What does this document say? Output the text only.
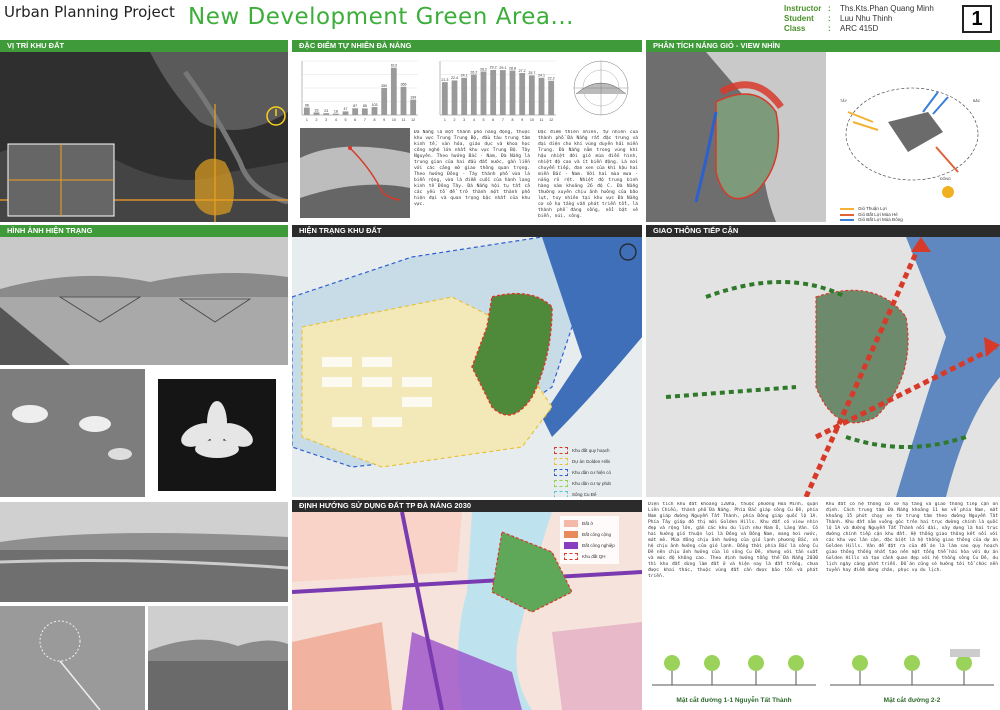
Urban Planning Project New Development Green Area...	Instructor : Ths.Kts.Phan Quang Minh
Student : Luu Nhu Thinh
Class	: ARC 415D	1
VỊ TRÍ KHU ĐẤT
HÌNH ẢNH HIỆN TRẠNG
ĐẶC ĐIỂM TỰ NHIÊN ĐÀ NẴNG
96
1
33
2
23
3
18
4
47
5
87
6
85
7
103
8
350
9
613
10
366
11
199
12
21.3
1
22.4
2
24.1
3
26.2
4
28.2
5
29.2
6
29.1
7
28.8
8
27.2
9
25.7
10
24.1
11
22.2
12
Đà Nẵng là một thành phố năng động, thuộc khu vực Trung Trung Bộ, đầu tàu trung tâm kinh tế, văn hóa, giáo dục và khoa học công nghệ lớn nhất khu vực Trung Bộ. Tây Nguyên. Theo hướng Bắc - Nam, Đà Nẵng là trung gian của hai đầu đất nước, gần liền với các cảng mở giao thông quan trọng. Theo hướng Đông - Tây thành phố vừa là biển rộng, vừa là điểm cuối của hành lang kinh tế Đông Tây. Đà Nẵng hội tụ tất cả các yếu tố để trở thành một thành phố hiện đại và quan trọng bậc nhất của khu vực.
Đặc điểm thiên nhiên, tự nhiên của thành phố Đà Nẵng rất đặc trưng và đại diện cho khí vùng duyên hải miền Trung. Đà Nẵng nằm trong vùng khí hậu nhiệt đới gió mùa điển hình, nhiệt độ cao và ít biến động. Là nơi chuyển tiếp, đan xen của khí hậu hai miền Bắc - Nam. Với hai mùa mưa - nắng rõ rệt. Nhiệt độ trung bình hàng năm khoảng 26 độ C. Đà Nẵng thường xuyên chịu ảnh hưởng của bão lụt, tuy nhiên tại khu vực Đà Nẵng cơ sở hạ tầng vẫn phát triển tốt, là thành phố đáng sống, nổi bật về biển, núi, sông.
HIỆN TRẠNG KHU ĐẤT
Khu đất quy hoạch
Dự án Golden Hills
Khu dân cư hiện có
Khu dân cư tự phát
Sông Cu Đê
ĐỊNH HƯỚNG SỬ DỤNG ĐẤT TP ĐÀ NẴNG 2030
Đất ở
Đất công cộng
Đất công nghiệp
Khu đất QH
PHÂN TÍCH NẮNG GIÓ - VIEW NHÌN
TÂY	BẮC
ĐÔNG
Gió Thuận Lợi
Gió Bất Lợi Mùa Hè
Gió Bất Lợi Mùa Đông
GIAO THÔNG TIẾP CẬN
Diện tích khu đất khoảng 120ha, thuộc phường Hòa Minh, quận Liên Chiểu, thành phố Đà Nẵng. Phía Bắc giáp sông Cu Đê, phía Nam giáp đường Nguyễn Tất Thành, phía Đông giáp quốc lộ 1A. Phía Tây giáp đô thị mới Golden Hills. Khu đất có view nhìn đẹp và rộng lớn, gần các khu du lịch như Nam Ô, Lăng Vân. Có hai hướng gió thuận lợi là Đông và Đông Nam, mang hơi nước, mát mẻ. Mùa đông chịu ảnh hưởng của gió lạnh phương Bắc, và hệ chịu ảnh hưởng của gió lạnh. Đồng thời phía Bắc là sông Cu Đê nên chịu ảnh hưởng của lũ sông Cu Đê, nhưng với tần suất và mức độ không cao. Theo định hướng tổng thể Đà Nẵng 2030 thì khu đất dùng làm đất ở và hiện nay là đất trống, chưa được khai thác, thuộc vùng đất cần được bảo tồn và phát triển.
Khu đất có hệ thống cơ sở hạ tầng và giao thông tiếp cận ổn định. Cách trung tâm Đà Nẵng khoảng 11 km về phía Nam, mất khoảng 15 phút chạy xe từ trung tâm theo đường Nguyễn Tất Thành. Khu đất nằm vuông góc trên hai trục đường chính là quốc lộ 1A và đường Nguyễn Tất Thành nối dài, xây dựng là hai trục đường chính tiếp cận khu đất. Hệ thống giao thông kết nối với các khu vực lân cận, đặc biệt là hệ thống giao thông của dự án Golden Hills. Vân đề đặt ra của đồ án là làm sao quy hoạch giao thông thống nhất tạo nên một tổng thể hài hòa với dự án Golden Hills và tạo cảnh quan đẹp với hệ thống sông Cu Đê, du lịch ngày càng phát triển. Đồ án cũng sẽ hướng tới tổ chức nền tuyến hay điểm dừng chân, phục vụ du lịch.
Mặt cắt đường 1-1 Nguyễn Tất Thành	Mặt cắt đường 2-2
